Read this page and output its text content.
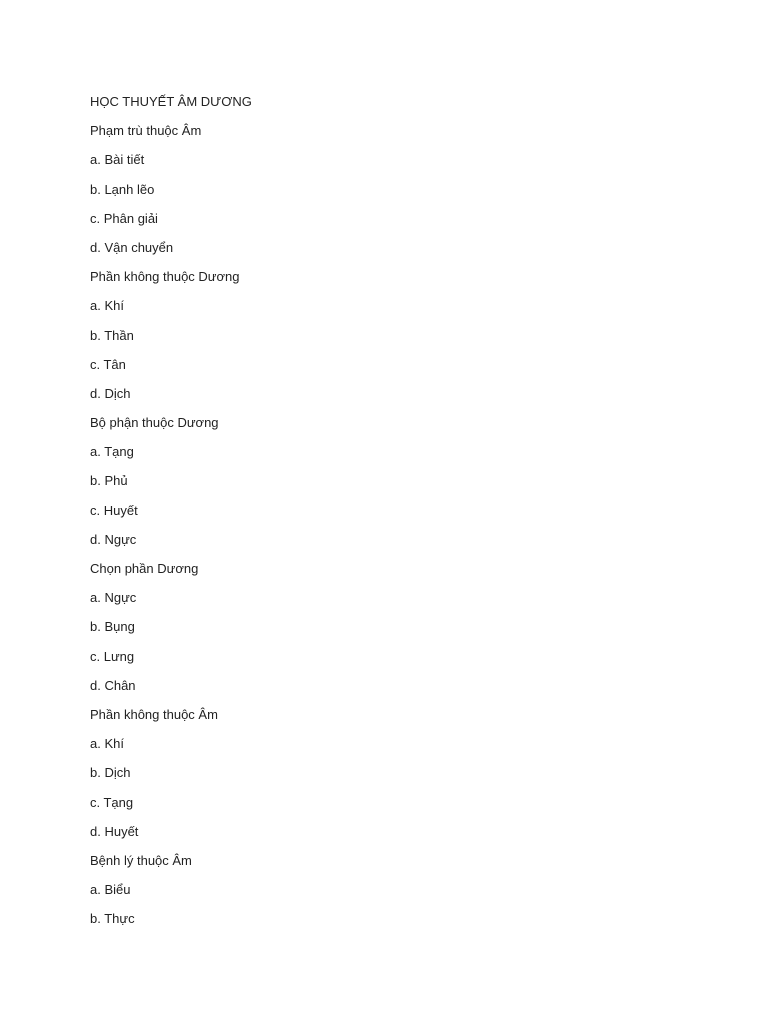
HỌC THUYẾT ÂM DƯƠNG
Phạm trù thuộc Âm
a. Bài tiết
b. Lạnh lẽo
c. Phân giải
d. Vận chuyển
Phần không thuộc Dương
a. Khí
b. Thần
c. Tân
d. Dịch
Bộ phận thuộc Dương
a. Tạng
b. Phủ
c. Huyết
d. Ngực
Chọn phần Dương
a. Ngực
b. Bụng
c. Lưng
d. Chân
Phần không thuộc Âm
a. Khí
b. Dịch
c. Tạng
d. Huyết
Bệnh lý thuộc Âm
a. Biểu
b. Thực
